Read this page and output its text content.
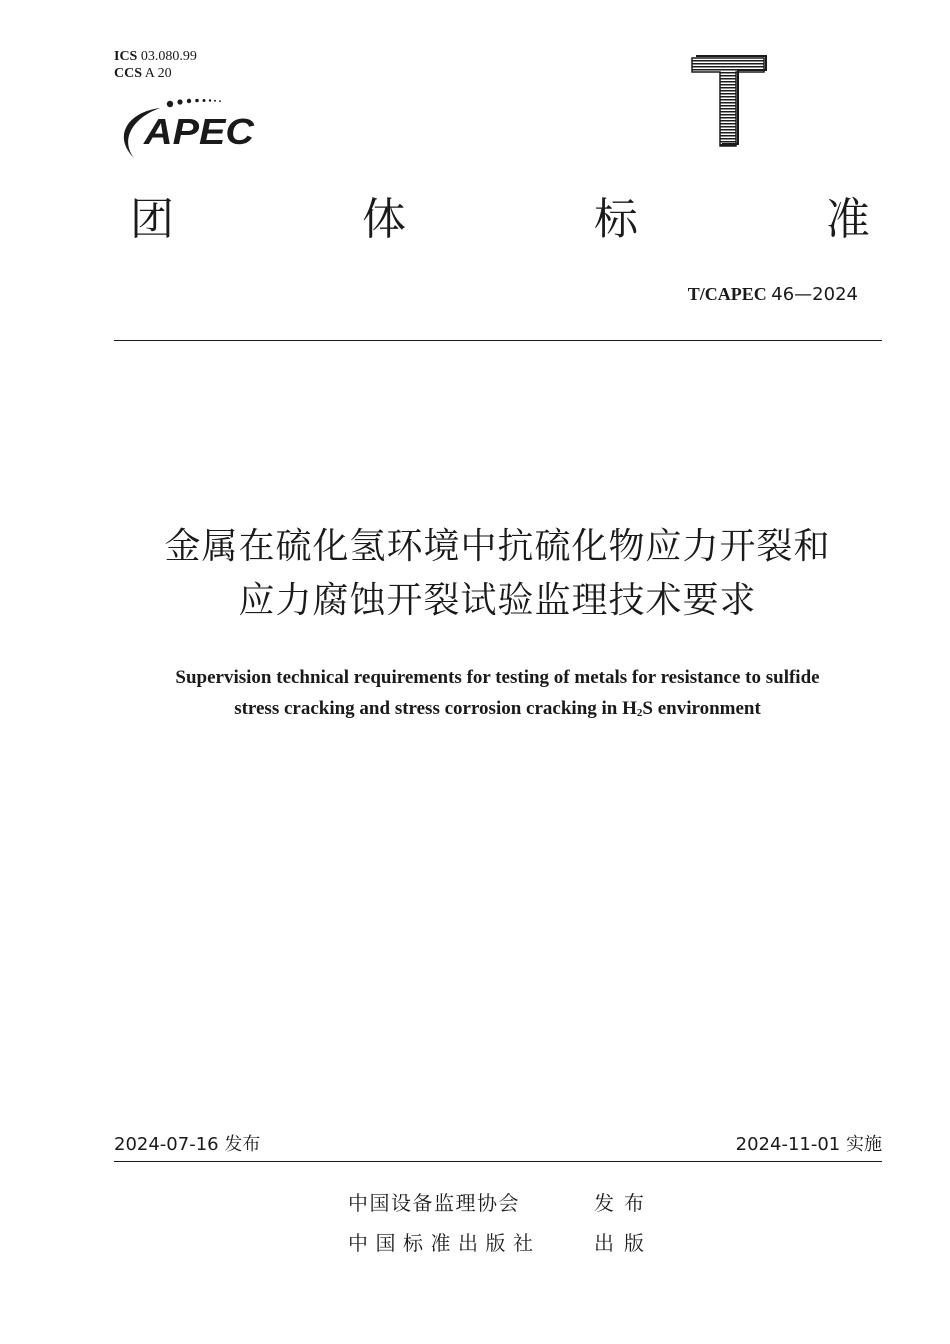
ICS 03.080.99
CCS A 20
APEC
团	体	标	准
T/CAPEC 46—2024
金属在硫化氢环境中抗硫化物应力开裂和
应力腐蚀开裂试验监理技术要求
Supervision technical requirements for testing of metals for resistance to sulfide
stress cracking and stress corrosion cracking in $H_2S$ environment
2024-07-16 发布	2024-11-01 实施
中国设备监理协会	发布
中国标准出版社	出版
